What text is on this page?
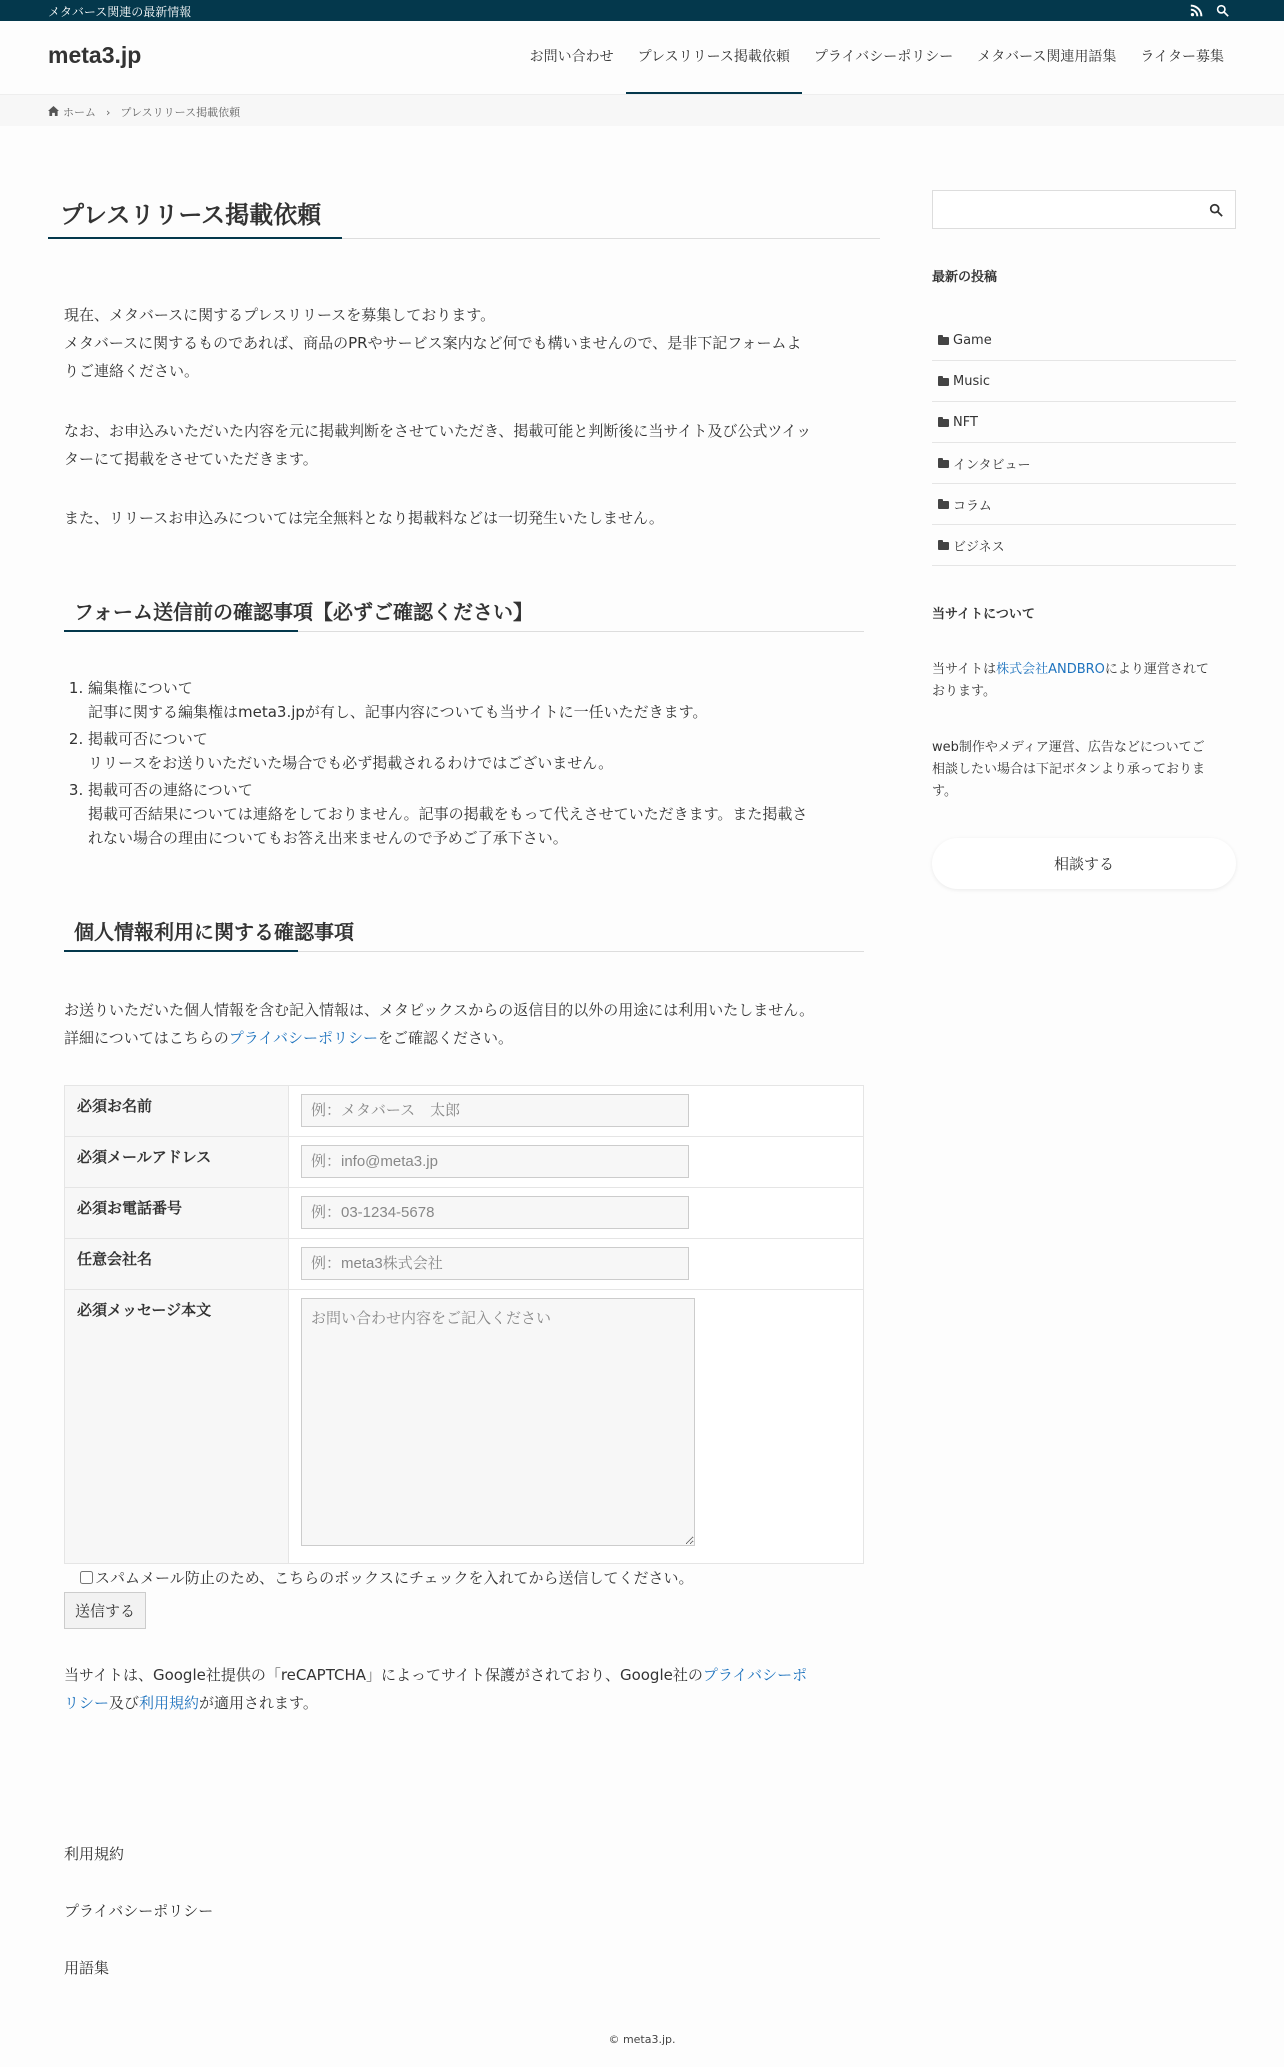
メタバース関連の最新情報
meta3.jp	お問い合わせ	プレスリリース掲載依頼	プライバシーポリシー	メタバース関連用語集	ライター募集
ホーム › プレスリリース掲載依頼
プレスリリース掲載依頼
現在、メタバースに関するプレスリリースを募集しております。
メタバースに関するものであれば、商品のPRやサービス案内など何でも構いませんので、是非下記フォームよ
りご連絡ください。
なお、お申込みいただいた内容を元に掲載判断をさせていただき、掲載可能と判断後に当サイト及び公式ツイッ
ターにて掲載をさせていただきます。
また、リリースお申込みについては完全無料となり掲載料などは一切発生いたしません。
フォーム送信前の確認事項【必ずご確認ください】
1. 編集権について
記事に関する編集権はmeta3.jpが有し、記事内容についても当サイトに一任いただきます。
2. 掲載可否について
リリースをお送りいただいた場合でも必ず掲載されるわけではございません。
3. 掲載可否の連絡について
掲載可否結果については連絡をしておりません。記事の掲載をもって代えさせていただきます。また掲載さ
れない場合の理由についてもお答え出来ませんので予めご了承下さい。
個人情報利用に関する確認事項
お送りいただいた個人情報を含む記入情報は、メタピックスからの返信目的以外の用途には利用いたしません。
詳細についてはこちらのプライバシーポリシーをご確認ください。
必須お名前	例：メタバース　太郎
必須メールアドレス	例：info@meta3.jp
必須お電話番号	例：03-1234-5678
任意会社名	例：meta3株式会社
必須メッセージ本文	お問い合わせ内容をご記入ください
スパムメール防止のため、こちらのボックスにチェックを入れてから送信してください。
送信する
当サイトは、Google社提供の「reCAPTCHA」によってサイト保護がされており、Google社のプライバシーポ
リシー及び利用規約が適用されます。
利用規約
プライバシーポリシー
用語集
© meta3.jp.
最新の投稿
Game
Music
NFT
インタビュー
コラム
ビジネス
当サイトについて
当サイトは株式会社ANDBROにより運営されて
おります。
web制作やメディア運営、広告などについてご
相談したい場合は下記ボタンより承っておりま
す。
相談する
